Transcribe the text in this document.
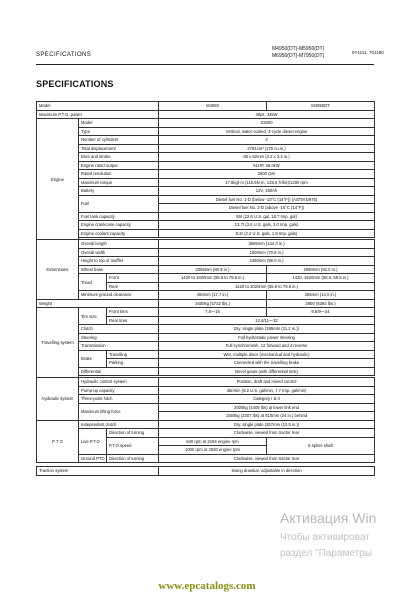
SPECIFICATIONS
M4950(DT)-M5950(DT)
M6950(DT)-M7950(DT)
9Y1111, 701180
SPECIFICATIONS
Model			M4950	M4950DT
Maximum P.T.O. power			40ps, 34kW	
Engine	Model		S2800	
	Type		Vertical, water-cooled, 4-cycle diesel engine	
	Number of cylinders		4	
	Total displacement		2781cm³ (170 cu.in.)	
	Bore and stroke		85 x 82mm (3.3 x 3.2 in.)	
	Engine rated output		51HP, 38.0kW	
	Rated revolution		2600 rpm	
	Maximum torque		17.8kgf·m (115.5N·m, 128.5 ft·lbs)/1200 rpm	
	Battery		12V, 150Ah	
	Fuel		Diesel fuel No. 1-D (below -10°C (14°F)) (ASTM D975)	
			Diesel fuel No. 2-D (above -10°C (14°F))	
	Fuel tank capacity		55ℓ (22.6 U.S. gal, 18.7 Imp. gal)	
	Engine crankcase capacity		13.7ℓ (3.6 U.S. gals, 3.0 Imp. gals)	
	Engine coolant capacity		8.2ℓ (2.2 U.S. gals, 1.8 Imp. gals)	

Dimensions	Overall length		3665mm (144.3 in.)	
	Overall width		1800mm (70.9 in.)	
	Height to top of muffler		2490mm (98.0 in.)	
	Wheel base		2055mm (80.9 in.)	2080mm (82.0 in.)
	Tread	Front	1420 to 1920mm (55.9 to 75.6 in.)	1420, 1520mm (55.9, 59.8 in.)

		Rear	1420 to 2020mm (55.9 to 79.5 in.)	
	Minimum ground clearance		450mm (17.7 in.)	355mm (14.0 in.)
Weight			2600kg (5732 lbs.)	2900 (6393 lbs.)
Travelling system	Tire size	Front tires	7.5—16	9.5/9—24
		Rear tires	12.4/11—32	
	Clutch		Dry, single plate (285mm (11.2 in.))	
	Steering		Full hydrostatic power steering	
	Transmission		Full synchromesh, 12 forward and 4 reverse	
	Brake	Travelling	Wet, multiple discs (mechanical and hydraulic)	
		Parking	Connected with the travelling brake	
	Differential		Bevel gears (with differential lock)	

Hydraulic system	Hydraulic control system		Position, draft and mixed control	
	Pump-up capacity		35ℓ/min (9.2 U.S. gal/min, 7.7 Imp. gal/min)	
	Three-point hitch		Category I & II	
	Maximum lifting force		2000kg (4409 lbs) at lower link end	
			1580kg (3307 lbs) at 610mm (24 in.) behind	
P T O	Independent clutch		Dry, single plate (267mm (10.5 in.))	
	Live P.T.O	Direction of turning	Clockwise, viewed from tractor rear	
		P.T.O speed	540 rpm at 2194 engine rpm	6 spline shaft
			1000 rpm at 2530 engine rpm	

	Ground PTO	Direction of turning	Clockwise, viewed from tractor rear	

Traction system			Swing drawbar, adjustable in direction	
Активация Win
Чтобы активироват
раздел "Параметры
www.epcatalogs.com
